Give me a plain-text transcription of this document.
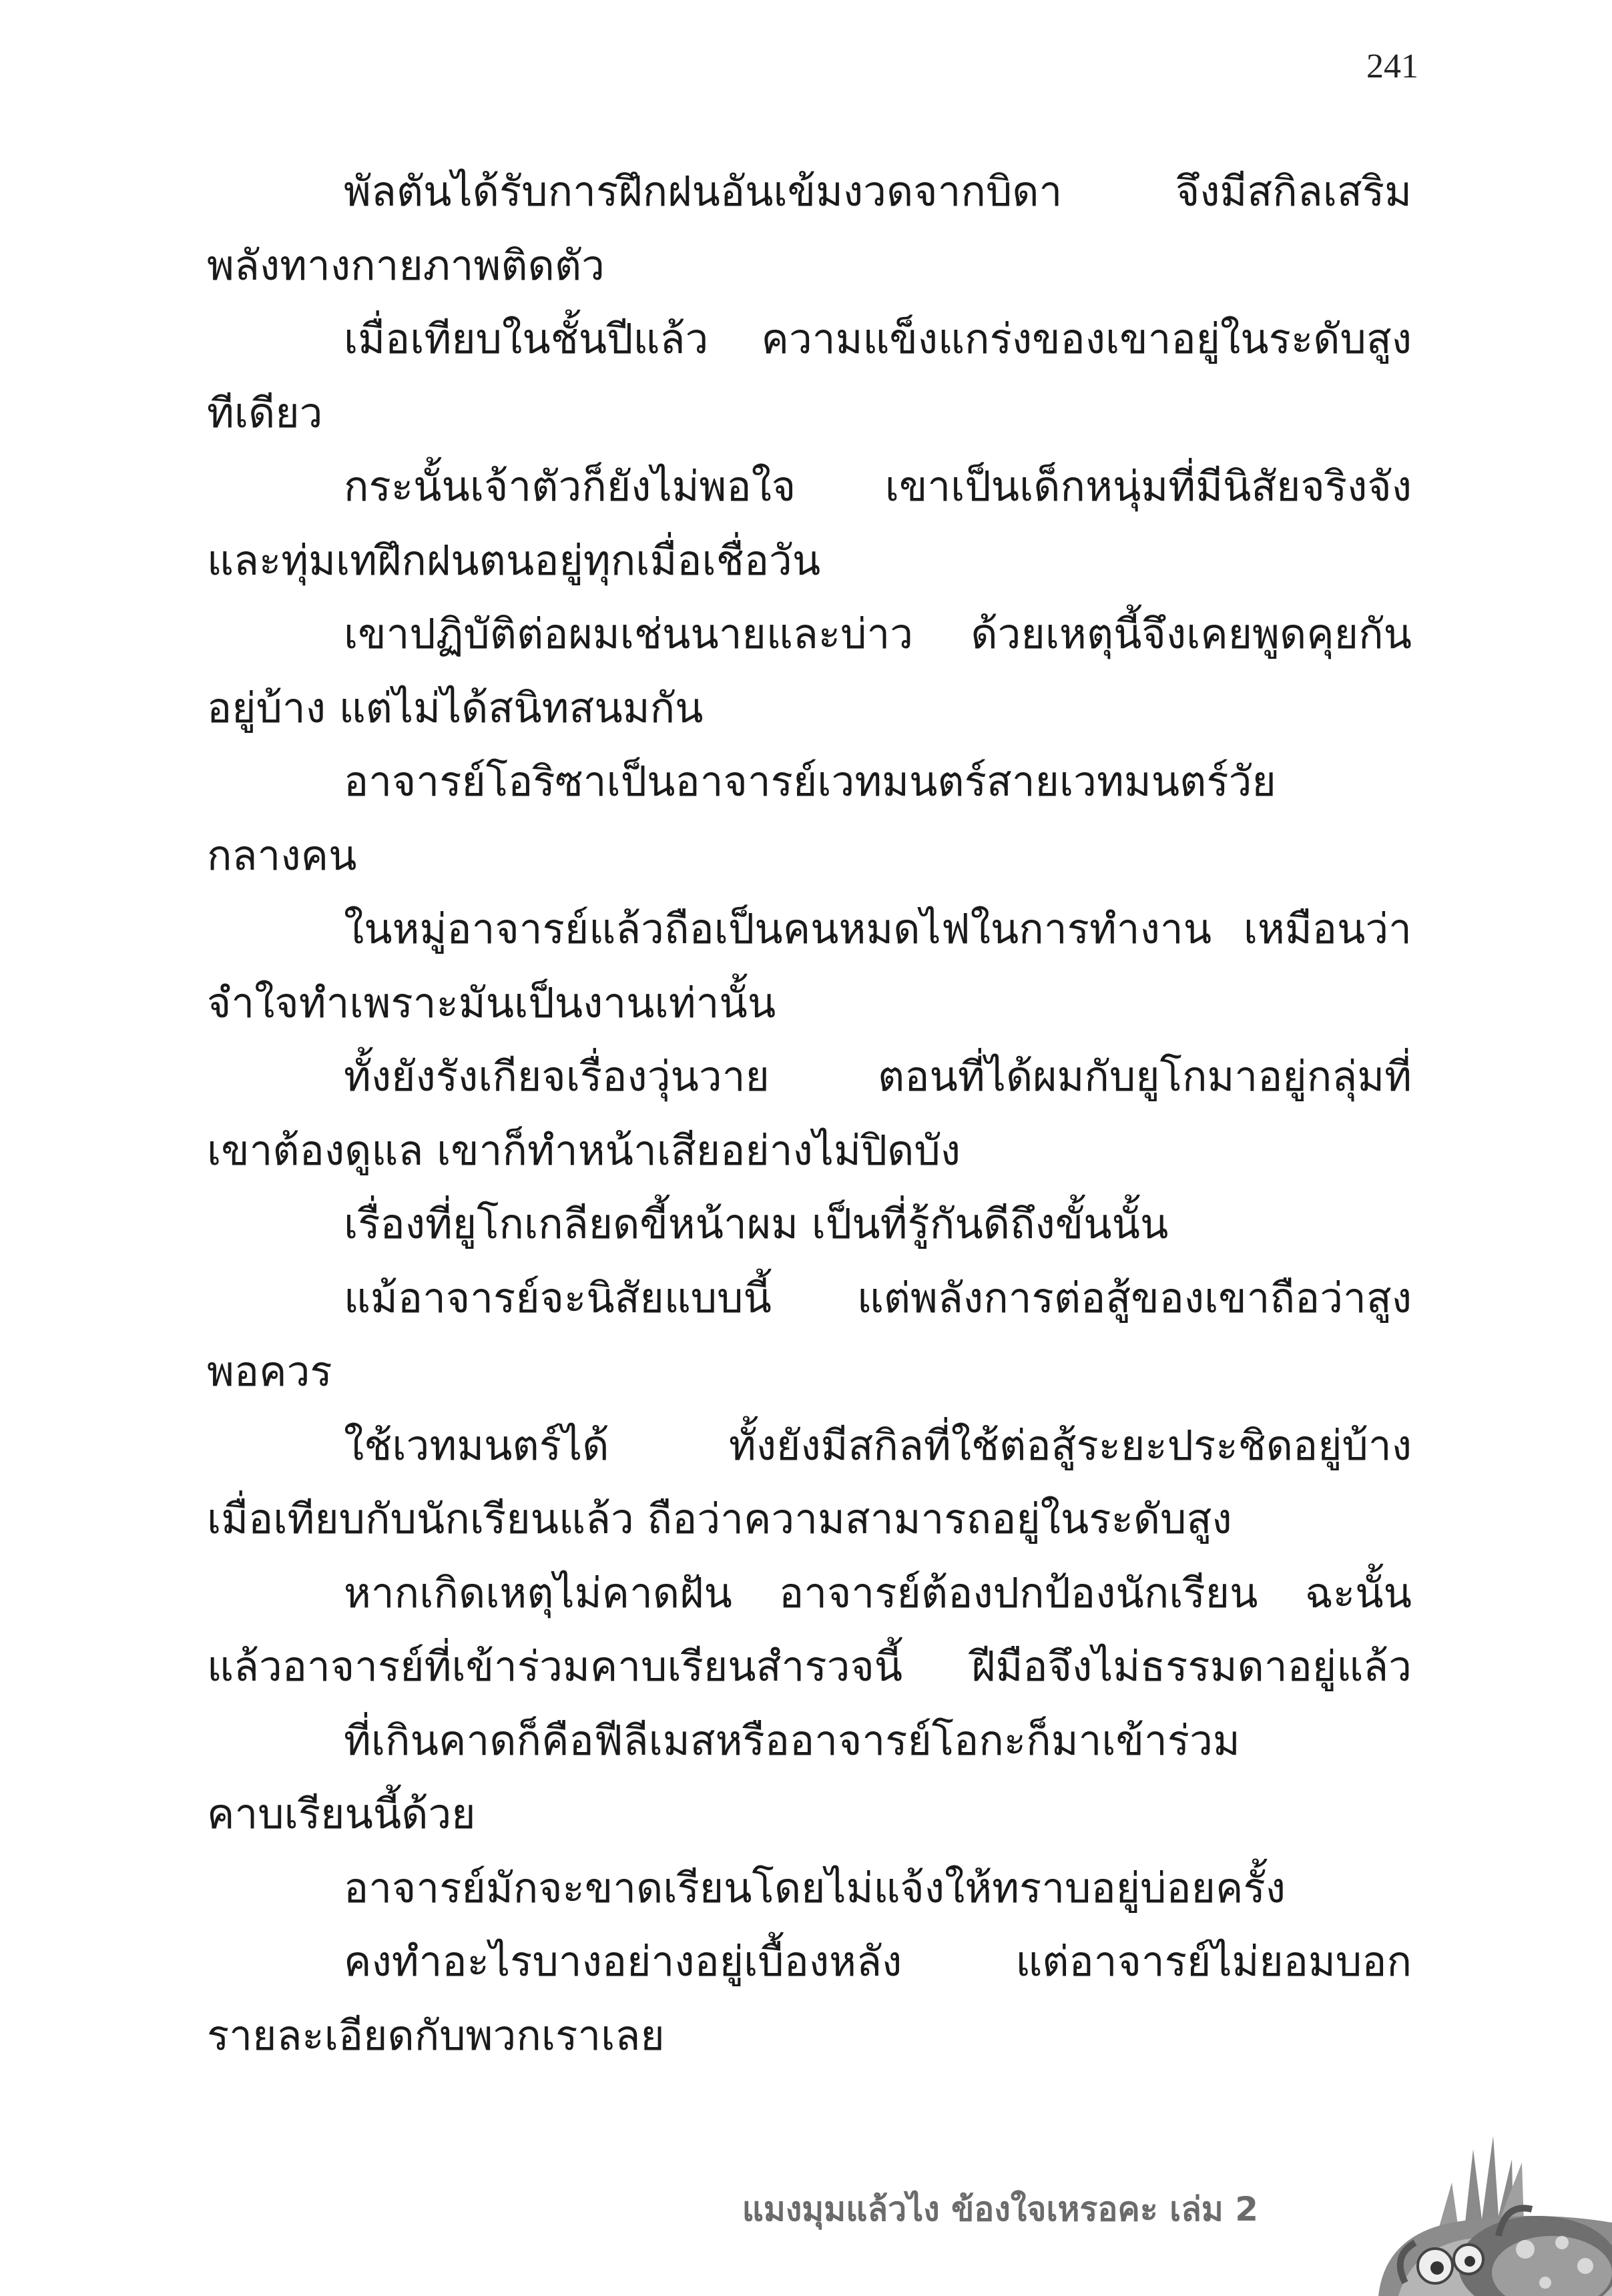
241
พัลตันได้รับการฝึกฝนอันเข้มงวดจากบิดา จึงมีสกิลเสริม
พลังทางกายภาพติดตัว
เมื่อเทียบในชั้นปีแล้ว ความแข็งแกร่งของเขาอยู่ในระดับสูง
ทีเดียว
กระนั้นเจ้าตัวก็ยังไม่พอใจ เขาเป็นเด็กหนุ่มที่มีนิสัยจริงจัง
และทุ่มเทฝึกฝนตนอยู่ทุกเมื่อเชื่อวัน
เขาปฏิบัติต่อผมเช่นนายและบ่าว ด้วยเหตุนี้จึงเคยพูดคุยกัน
อยู่บ้าง แต่ไม่ได้สนิทสนมกัน
อาจารย์โอริซาเป็นอาจารย์เวทมนตร์สายเวทมนตร์วัย
กลางคน
ในหมู่อาจารย์แล้วถือเป็นคนหมดไฟในการทำงาน เหมือนว่า
จำใจทำเพราะมันเป็นงานเท่านั้น
ทั้งยังรังเกียจเรื่องวุ่นวาย ตอนที่ได้ผมกับยูโกมาอยู่กลุ่มที่
เขาต้องดูแล เขาก็ทำหน้าเสียอย่างไม่ปิดบัง
เรื่องที่ยูโกเกลียดขี้หน้าผม เป็นที่รู้กันดีถึงขั้นนั้น
แม้อาจารย์จะนิสัยแบบนี้ แต่พลังการต่อสู้ของเขาถือว่าสูง
พอควร
ใช้เวทมนตร์ได้ ทั้งยังมีสกิลที่ใช้ต่อสู้ระยะประชิดอยู่บ้าง
เมื่อเทียบกับนักเรียนแล้ว ถือว่าความสามารถอยู่ในระดับสูง
หากเกิดเหตุไม่คาดฝัน อาจารย์ต้องปกป้องนักเรียน ฉะนั้น
แล้วอาจารย์ที่เข้าร่วมคาบเรียนสำรวจนี้ ฝีมือจึงไม่ธรรมดาอยู่แล้ว
ที่เกินคาดก็คือฟีลีเมสหรืออาจารย์โอกะก็มาเข้าร่วม
คาบเรียนนี้ด้วย
อาจารย์มักจะขาดเรียนโดยไม่แจ้งให้ทราบอยู่บ่อยครั้ง
คงทำอะไรบางอย่างอยู่เบื้องหลัง แต่อาจารย์ไม่ยอมบอก
รายละเอียดกับพวกเราเลย
แมงมุมแล้วไง ข้องใจเหรอคะ เล่ม 2
